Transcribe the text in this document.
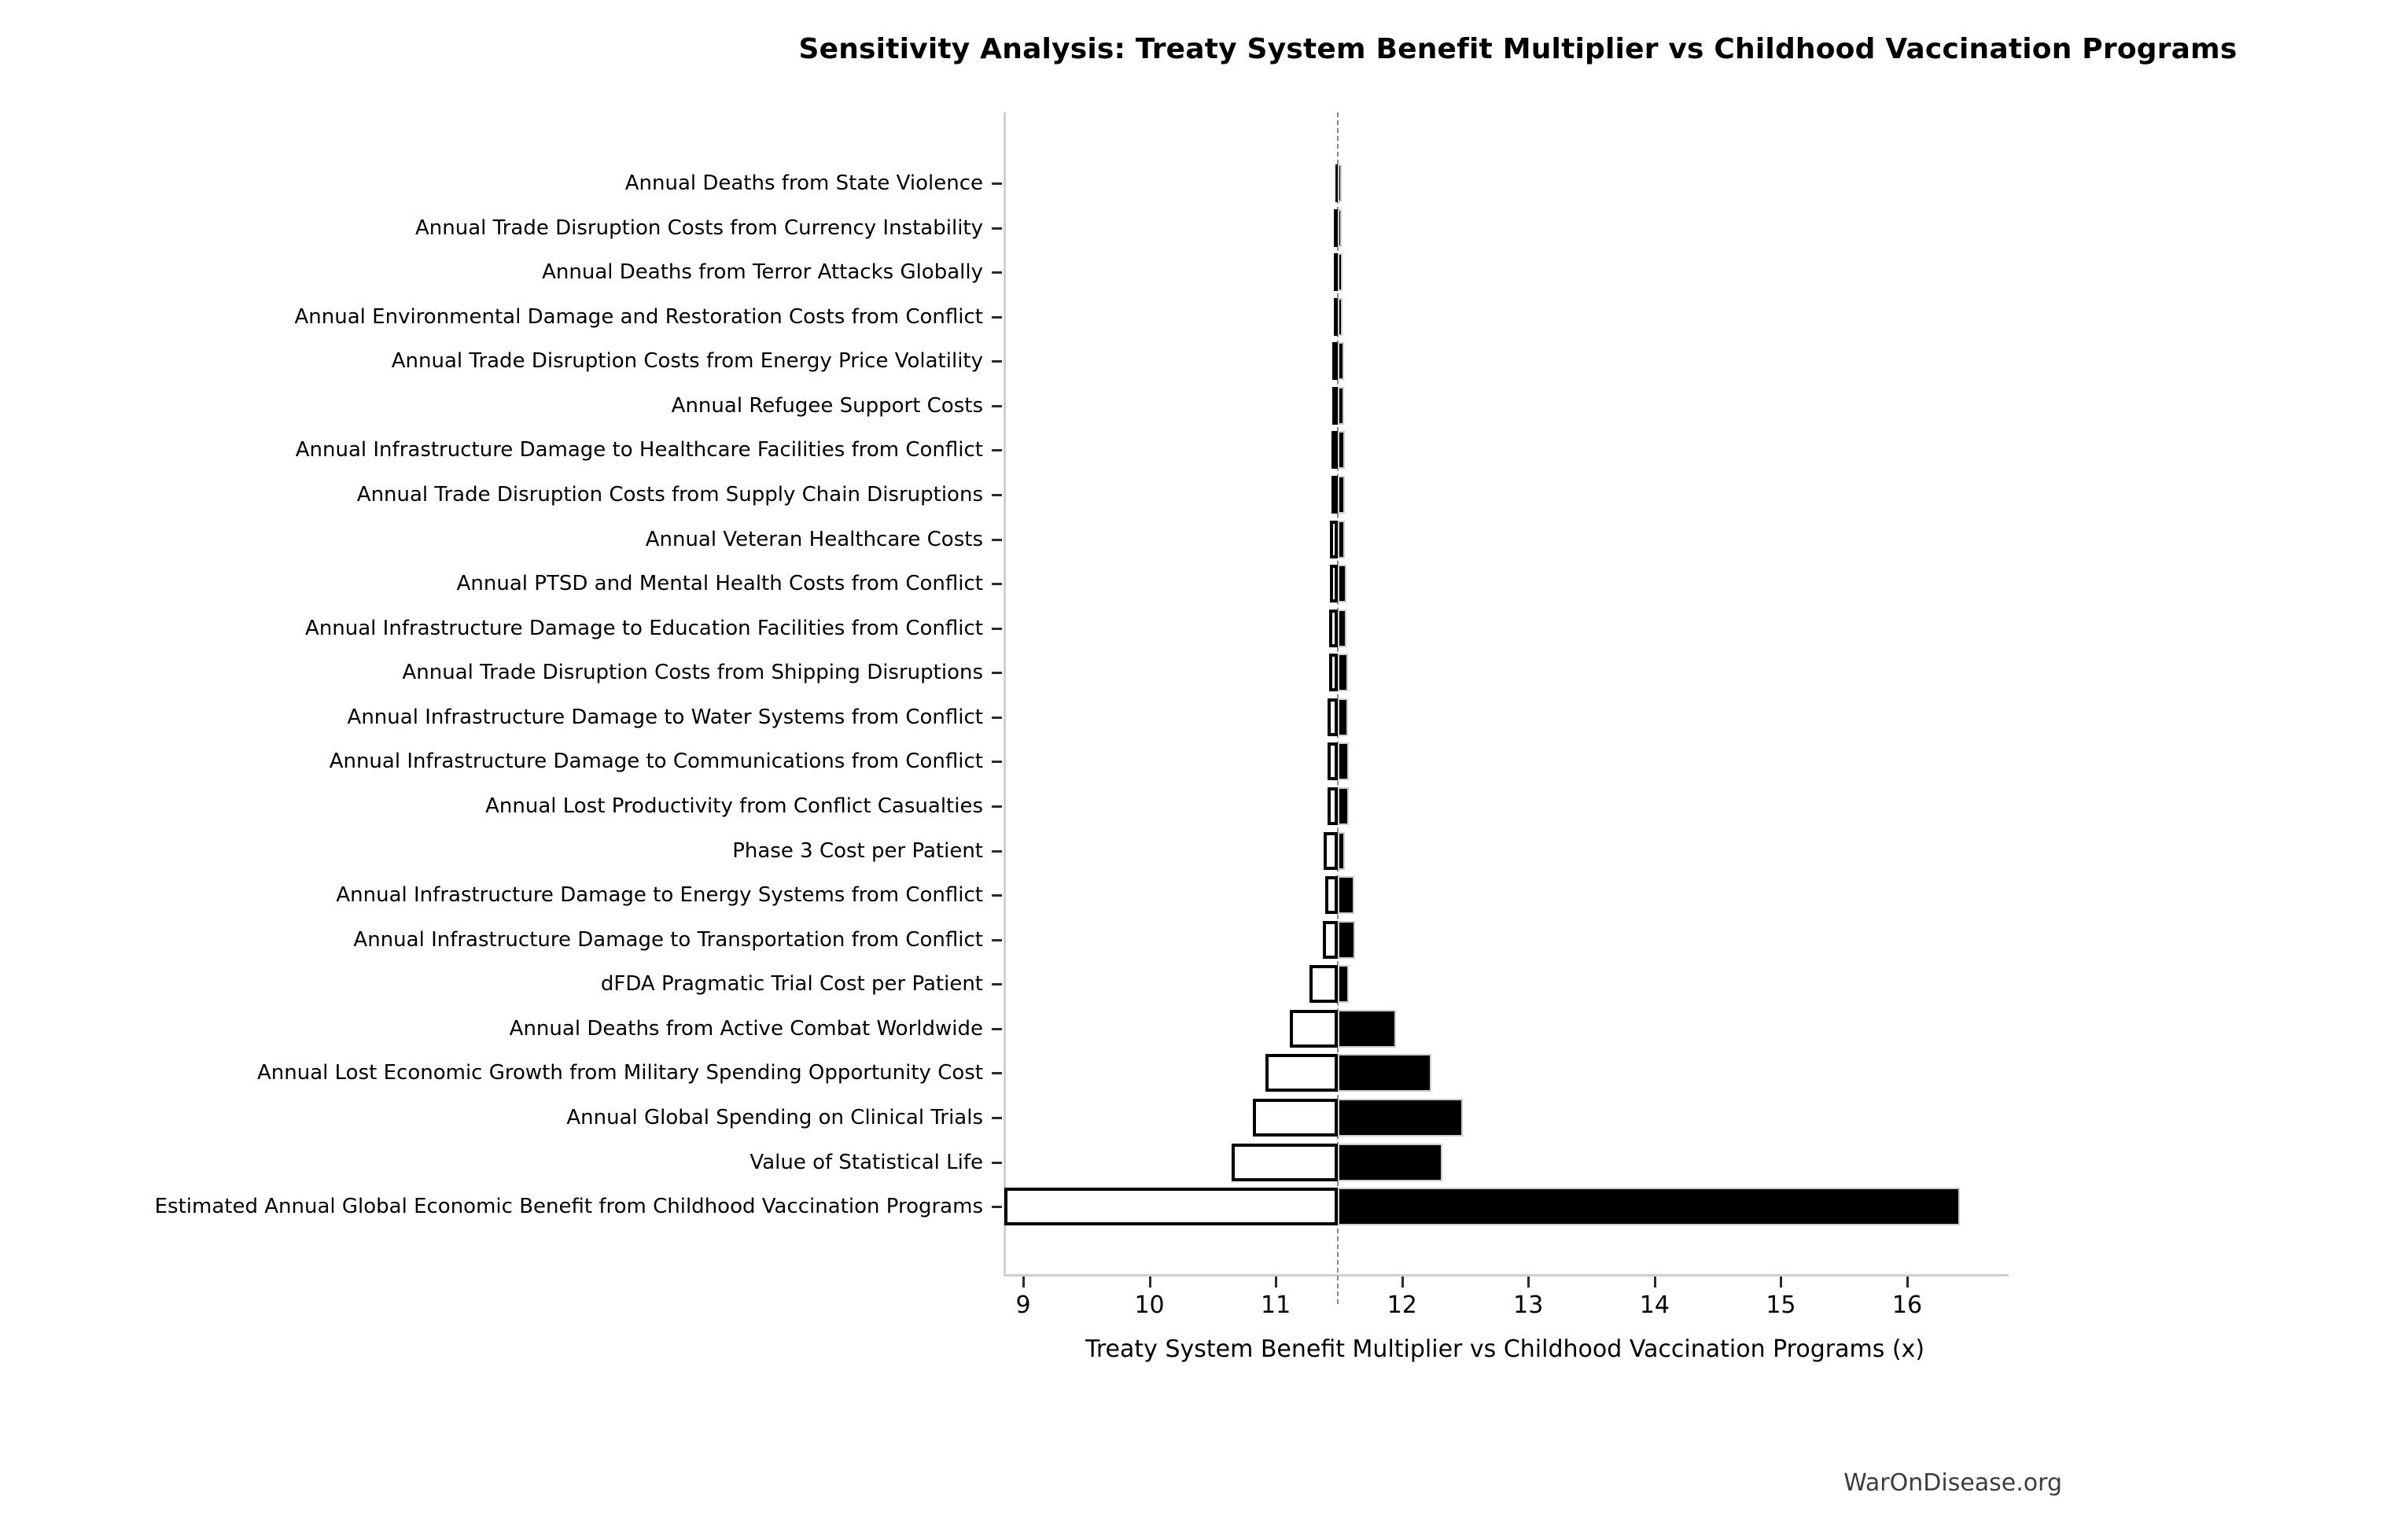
Sensitivity Analysis: Treaty System Benefit Multiplier vs Childhood Vaccination Programs
Annual Deaths from State Violence
Annual Trade Disruption Costs from Currency Instability
Annual Deaths from Terror Attacks Globally
Annual Environmental Damage and Restoration Costs from Conflict
Annual Trade Disruption Costs from Energy Price Volatility
Annual Refugee Support Costs
Annual Infrastructure Damage to Healthcare Facilities from Conflict
Annual Trade Disruption Costs from Supply Chain Disruptions
Annual Veteran Healthcare Costs
Annual PTSD and Mental Health Costs from Conflict
Annual Infrastructure Damage to Education Facilities from Conflict
Annual Trade Disruption Costs from Shipping Disruptions
Annual Infrastructure Damage to Water Systems from Conflict
Annual Infrastructure Damage to Communications from Conflict
Annual Lost Productivity from Conflict Casualties
Phase 3 Cost per Patient
Annual Infrastructure Damage to Energy Systems from Conflict
Annual Infrastructure Damage to Transportation from Conflict
dFDA Pragmatic Trial Cost per Patient
Annual Deaths from Active Combat Worldwide
Annual Lost Economic Growth from Military Spending Opportunity Cost
Annual Global Spending on Clinical Trials
Value of Statistical Life
Estimated Annual Global Economic Benefit from Childhood Vaccination Programs
9	10	11	12	13	14	15	16
Treaty System Benefit Multiplier vs Childhood Vaccination Programs (x)
WarOnDisease.org
